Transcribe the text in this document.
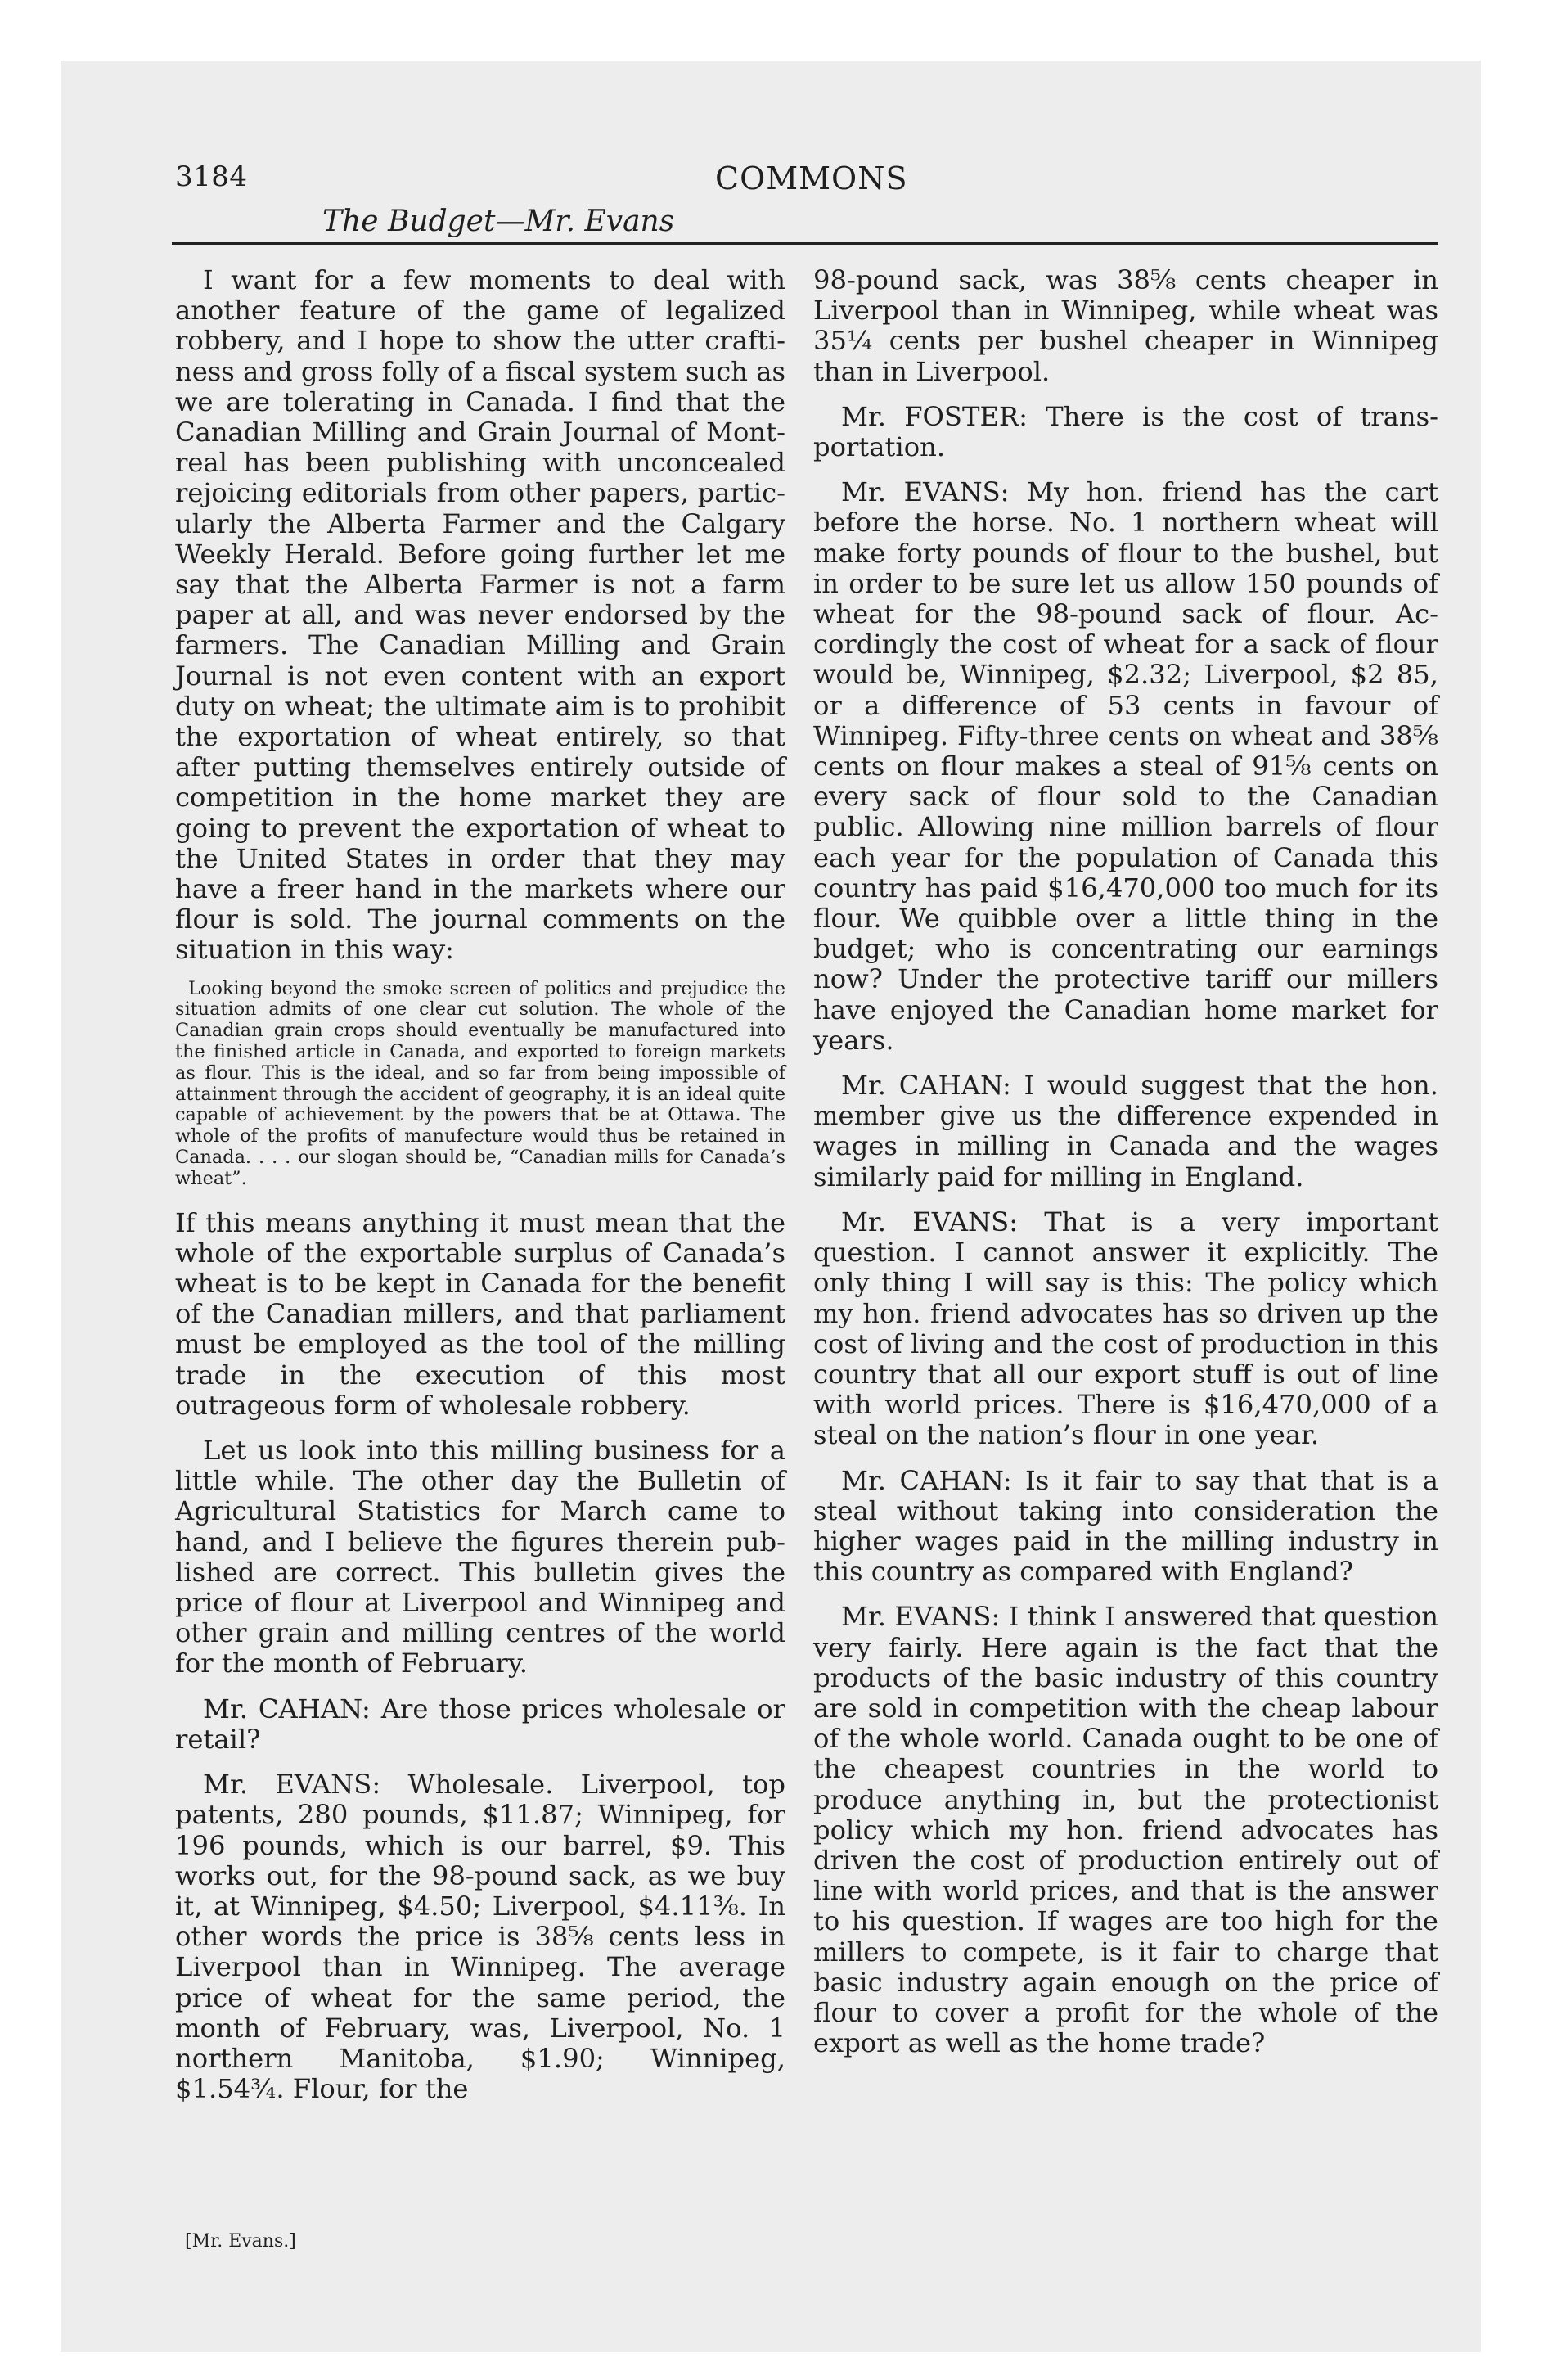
3184
The Budget—Mr. Evans
COMMONS

I want for a few moments to deal with another feature of the game of legalized robbery, and I hope to show the utter craftiness and gross folly of a fiscal system such as we are tolerating in Canada. I find that the Canadian Milling and Grain Journal of Montreal has been publishing with unconcealed rejoicing editorials from other papers, particularly the Alberta Farmer and the Calgary Weekly Herald. Before going further let me say that the Alberta Farmer is not a farm paper at all, and was never endorsed by the farmers. The Canadian Milling and Grain Journal is not even content with an export duty on wheat; the ultimate aim is to prohibit the exportation of wheat entirely, so that after putting themselves entirely outside of competition in the home market they are going to prevent the exportation of wheat to the United States in order that they may have a freer hand in the markets where our flour is sold. The journal comments on the situation in this way:

Looking beyond the smoke screen of politics and prejudice the situation admits of one clear cut solution. The whole of the Canadian grain crops should eventually be manufactured into the finished article in Canada, and exported to foreign markets as flour. This is the ideal, and so far from being impossible of attainment through the accident of geography, it is an ideal quite capable of achievement by the powers that be at Ottawa. The whole of the profits of manufecture would thus be retained in Canada. . . . our slogan should be, “Canadian mills for Canada’s wheat”.

If this means anything it must mean that the whole of the exportable surplus of Canada’s wheat is to be kept in Canada for the benefit of the Canadian millers, and that parliament must be employed as the tool of the milling trade in the execution of this most outrageous form of wholesale robbery.

Let us look into this milling business for a little while. The other day the Bulletin of Agricultural Statistics for March came to hand, and I believe the figures therein published are correct. This bulletin gives the price of flour at Liverpool and Winnipeg and other grain and milling centres of the world for the month of February.

Mr. CAHAN: Are those prices wholesale or retail?

Mr. EVANS: Wholesale. Liverpool, top patents, 280 pounds, $11.87; Winnipeg, for 196 pounds, which is our barrel, $9. This works out, for the 98-pound sack, as we buy it, at Winnipeg, $4.50; Liverpool, $4.11⅜. In other words the price is 38⅝ cents less in Liverpool than in Winnipeg. The average price of wheat for the same period, the month of February, was, Liverpool, No. 1 northern Manitoba, $1.90; Winnipeg, $1.54¾. Flour, for the

98-pound sack, was 38⅝ cents cheaper in Liverpool than in Winnipeg, while wheat was 35¼ cents per bushel cheaper in Winnipeg than in Liverpool.

Mr. FOSTER: There is the cost of transportation.

Mr. EVANS: My hon. friend has the cart before the horse. No. 1 northern wheat will make forty pounds of flour to the bushel, but in order to be sure let us allow 150 pounds of wheat for the 98-pound sack of flour. Accordingly the cost of wheat for a sack of flour would be, Winnipeg, $2.32; Liverpool, $2 85, or a difference of 53 cents in favour of Winnipeg. Fifty-three cents on wheat and 38⅝ cents on flour makes a steal of 91⅝ cents on every sack of flour sold to the Canadian public. Allowing nine million barrels of flour each year for the population of Canada this country has paid $16,470,000 too much for its flour. We quibble over a little thing in the budget; who is concentrating our earnings now? Under the protective tariff our millers have enjoyed the Canadian home market for years.

Mr. CAHAN: I would suggest that the hon. member give us the difference expended in wages in milling in Canada and the wages similarly paid for milling in England.

Mr. EVANS: That is a very important question. I cannot answer it explicitly. The only thing I will say is this: The policy which my hon. friend advocates has so driven up the cost of living and the cost of production in this country that all our export stuff is out of line with world prices. There is $16,470,000 of a steal on the nation’s flour in one year.

Mr. CAHAN: Is it fair to say that that is a steal without taking into consideration the higher wages paid in the milling industry in this country as compared with England?

Mr. EVANS: I think I answered that question very fairly. Here again is the fact that the products of the basic industry of this country are sold in competition with the cheap labour of the whole world. Canada ought to be one of the cheapest countries in the world to produce anything in, but the protectionist policy which my hon. friend advocates has driven the cost of production entirely out of line with world prices, and that is the answer to his question. If wages are too high for the millers to compete, is it fair to charge that basic industry again enough on the price of flour to cover a profit for the whole of the export as well as the home trade?

[Mr. Evans.]
